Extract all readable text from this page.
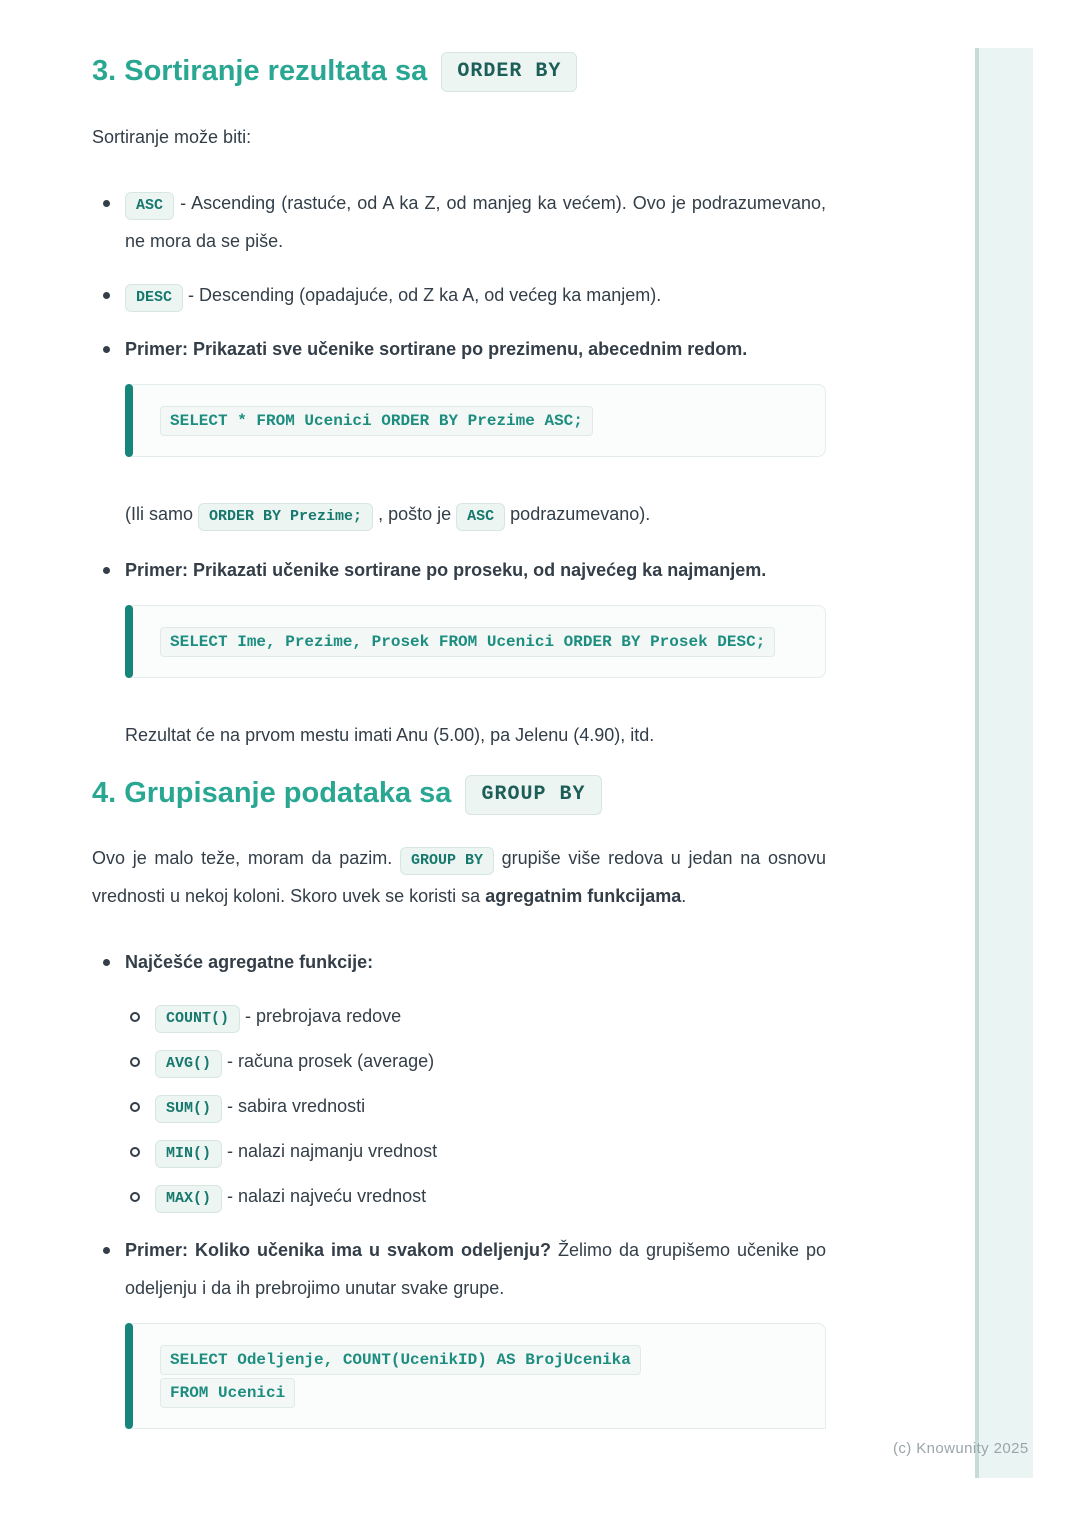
(c) Knowunity 2025
3. Sortiranje rezultata sa ORDER BY

Sortiranje može biti:

ASC - Ascending (rastuće, od A ka Z, od manjeg ka većem). Ovo je podrazumevano, ne mora da se piše.
DESC - Descending (opadajuće, od Z ka A, od većeg ka manjem).
Primer: Prikazati sve učenike sortirane po prezimenu, abecednim redom.
SELECT * FROM Ucenici ORDER BY Prezime ASC;
(Ili samo ORDER BY Prezime; , pošto je ASC podrazumevano).
Primer: Prikazati učenike sortirane po proseku, od najvećeg ka najmanjem.
SELECT Ime, Prezime, Prosek FROM Ucenici ORDER BY Prosek DESC;

Rezultat će na prvom mestu imati Anu (5.00), pa Jelenu (4.90), itd.

4. Grupisanje podataka sa GROUP BY

Ovo je malo teže, moram da pazim. GROUP BY grupiše više redova u jedan na osnovu vrednosti u nekoj koloni. Skoro uvek se koristi sa agregatnim funkcijama.

Najčešće agregatne funkcije:
COUNT() - prebrojava redove
AVG() - računa prosek (average)
SUM() - sabira vrednosti
MIN() - nalazi najmanju vrednost
MAX() - nalazi najveću vrednost
Primer: Koliko učenika ima u svakom odeljenju? Želimo da grupišemo učenike po odeljenju i da ih prebrojimo unutar svake grupe.
SELECT Odeljenje, COUNT(UcenikID) AS BrojUcenika
FROM Ucenici
